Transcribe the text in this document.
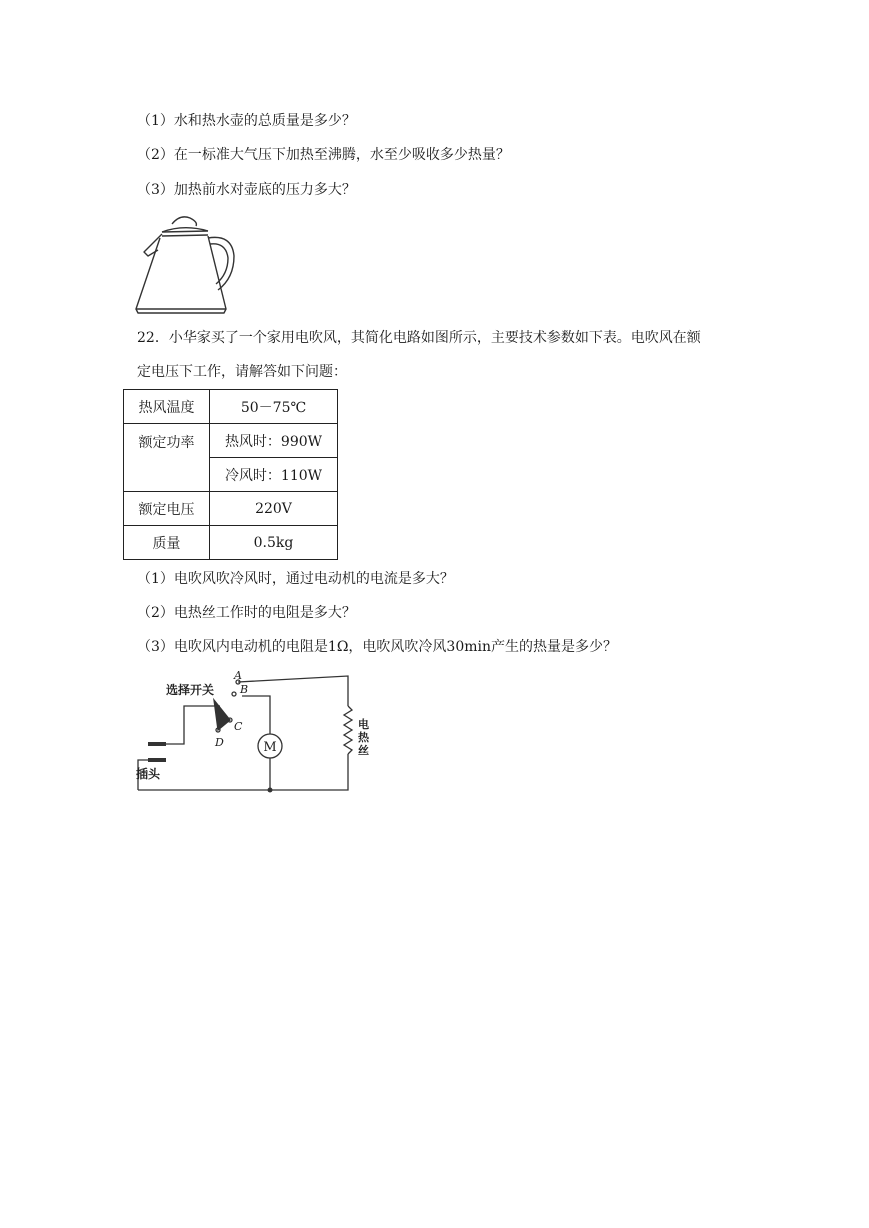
（1）水和热水壶的总质量是多少？
（2）在一标准大气压下加热至沸腾，水至少吸收多少热量？
（3）加热前水对壶底的压力多大？
22．小华家买了一个家用电吹风，其简化电路如图所示，主要技术参数如下表。电吹风在额
定电压下工作，请解答如下问题：
热风温度	50－75℃
额定功率	热风时：990W
	冷风时：110W
额定电压	220V
质量	0.5kg
（1）电吹风吹冷风时，通过电动机的电流是多大？
（2）电热丝工作时的电阻是多大？
（3）电吹风内电动机的电阻是1Ω，电吹风吹冷风30min产生的热量是多少？
选择开关
插头
M
A
B
C
D
电
热
丝
